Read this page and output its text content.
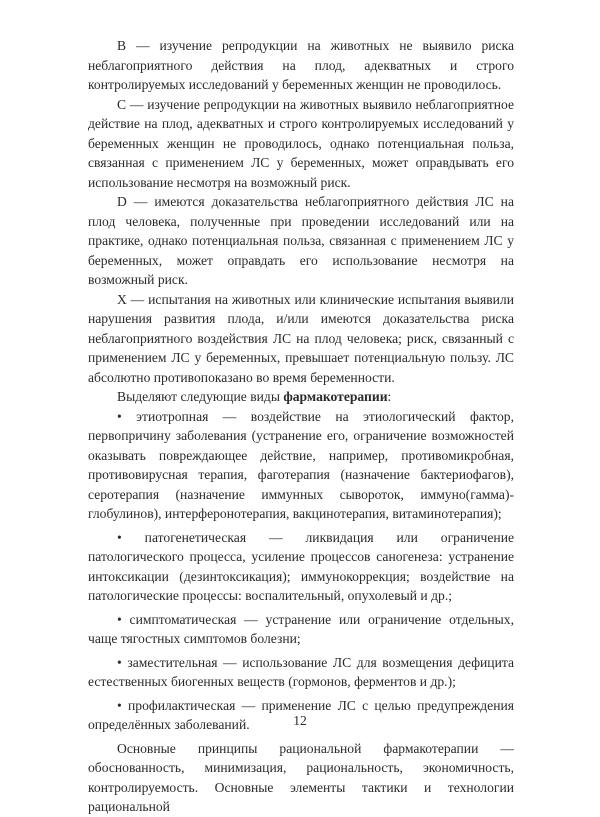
B — изучение репродукции на животных не выявило риска неблагоприятного действия на плод, адекватных и строго контролируемых исследований у беременных женщин не проводилось.

С — изучение репродукции на животных выявило неблагоприятное действие на плод, адекватных и строго контролируемых исследований у беременных женщин не проводилось, однако потенциальная польза, связанная с применением ЛС у беременных, может оправдывать его использование несмотря на возможный риск.

D — имеются доказательства неблагоприятного действия ЛС на плод человека, полученные при проведении исследований или на практике, однако потенциальная польза, связанная с применением ЛС у беременных, может оправдать его использование несмотря на возможный риск.

X — испытания на животных или клинические испытания выявили нарушения развития плода, и/или имеются доказательства риска неблагоприятного воздействия ЛС на плод человека; риск, связанный с применением ЛС у беременных, превышает потенциальную пользу. ЛС абсолютно противопоказано во время беременности.

Выделяют следующие виды фармакотерапии:

• этиотропная — воздействие на этиологический фактор, первопричину заболевания (устранение его, ограничение возможностей оказывать повреждающее действие, например, противомикробная, противовирусная терапия, фаготерапия (назначение бактериофагов), серотерапия (назначение иммунных сывороток, иммуно(гамма)-глобулинов), интерферонотерапия, вакцинотерапия, витаминотерапия);

• патогенетическая — ликвидация или ограничение патологического процесса, усиление процессов саногенеза: устранение интоксикации (дезинтоксикация); иммунокоррекция; воздействие на патологические процессы: воспалительный, опухолевый и др.;

• симптоматическая — устранение или ограничение отдельных, чаще тягостных симптомов болезни;

• заместительная — использование ЛС для возмещения дефицита естественных биогенных веществ (гормонов, ферментов и др.);

• профилактическая — применение ЛС с целью предупреждения определённых заболеваний.

Основные принципы рациональной фармакотерапии — обоснованность, минимизация, рациональность, экономичность, контролируемость. Основные элементы тактики и технологии рациональной

12
